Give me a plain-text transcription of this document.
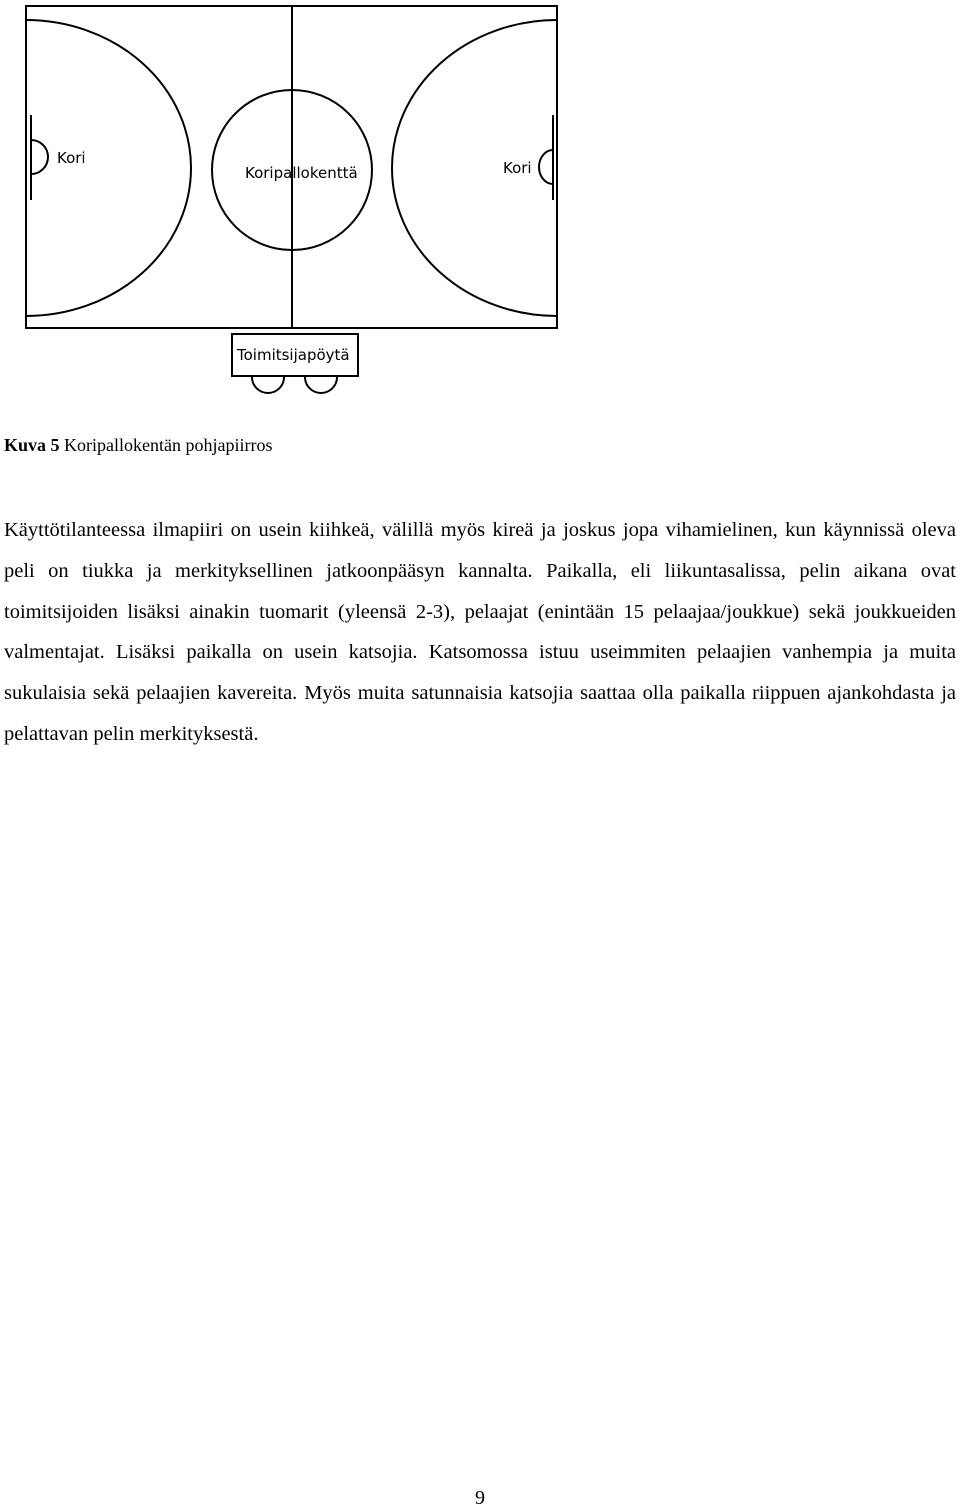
Kori
Koripallokenttä	Kori
Toimitsijapöytä
Kuva 5 Koripallokentän pohjapiirros
Käyttötilanteessa ilmapiiri on usein kiihkeä, välillä myös kireä ja joskus jopa vihamielinen, kun käynnissä oleva peli on tiukka ja merkityksellinen jatkoonpääsyn kannalta. Paikalla, eli liikuntasalissa, pelin aikana ovat toimitsijoiden lisäksi ainakin tuomarit (yleensä 2-3), pelaajat (enintään 15 pelaajaa/joukkue) sekä joukkueiden valmentajat. Lisäksi paikalla on usein katsojia. Katsomossa istuu useimmiten pelaajien vanhempia ja muita sukulaisia sekä pelaajien kavereita. Myös muita satunnaisia katsojia saattaa olla paikalla riippuen ajankohdasta ja pelattavan pelin merkityksestä.
9
